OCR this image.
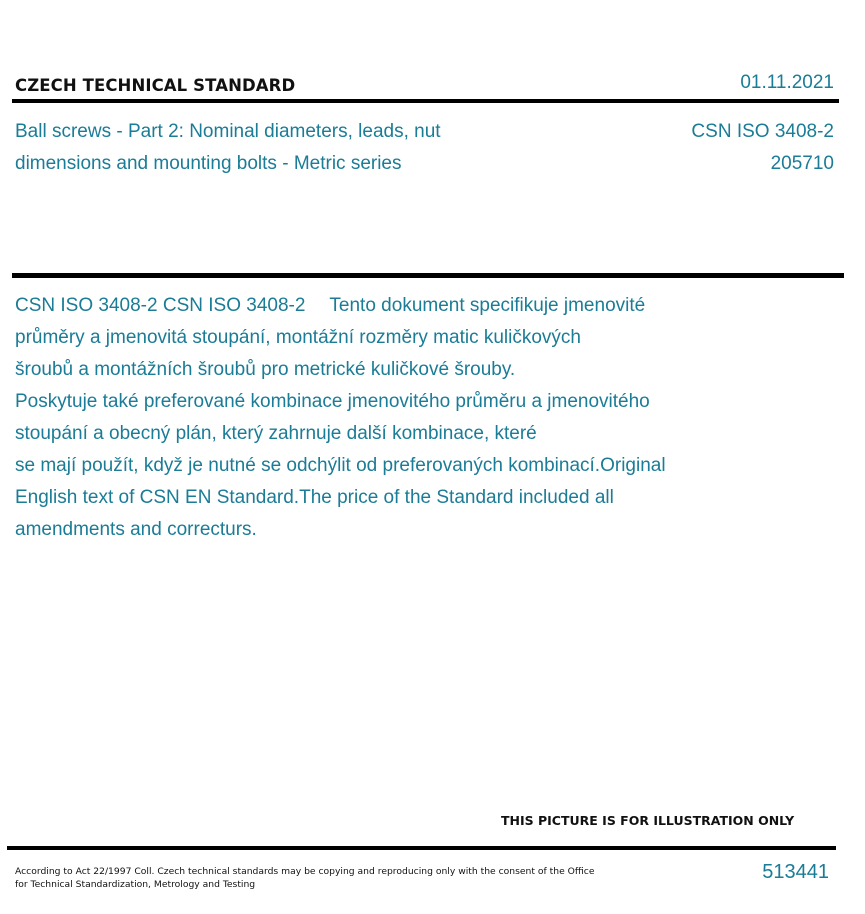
CZECH TECHNICAL STANDARD	01.11.2021
Ball screws - Part 2: Nominal diameters, leads, nut
dimensions and mounting bolts - Metric series
CSN ISO 3408-2
205710

CSN ISO 3408-2 CSN ISO 3408-2 Tento dokument specifikuje jmenovité

průměry a jmenovitá stoupání, montážní rozměry matic kuličkových

šroubů a montážních šroubů pro metrické kuličkové šrouby.

Poskytuje také preferované kombinace jmenovitého průměru a jmenovitého

stoupání a obecný plán, který zahrnuje další kombinace, které

se mají použít, když je nutné se odchýlit od preferovaných kombinací.Original

English text of CSN EN Standard.The price of the Standard included all

amendments and correcturs.

THIS PICTURE IS FOR ILLUSTRATION ONLY
According to Act 22/1997 Coll. Czech technical standards may be copying and reproducing only with the consent of the Office
for Technical Standardization, Metrology and Testing
513441
